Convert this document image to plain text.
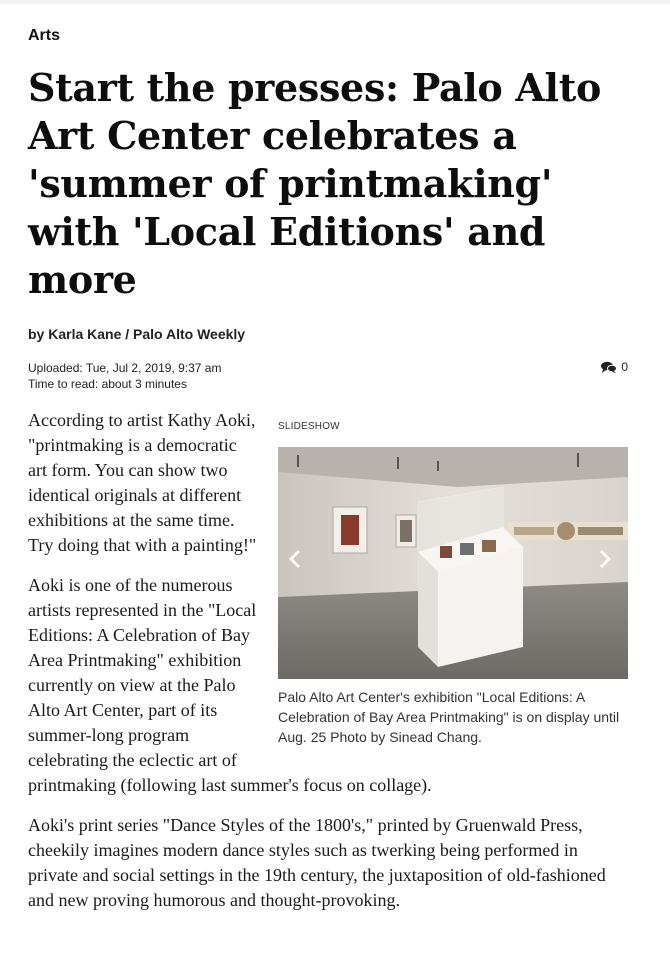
Arts
Start the presses: Palo Alto Art Center celebrates a 'summer of printmaking' with 'Local Editions' and more
by Karla Kane / Palo Alto Weekly
Uploaded: Tue, Jul 2, 2019, 9:37 am
Time to read: about 3 minutes
0
SLIDESHOW
Palo Alto Art Center's exhibition "Local Editions: A Celebration of Bay Area Printmaking" is on display until Aug. 25 Photo by Sinead Chang.

According to artist Kathy Aoki, "printmaking is a democratic art form. You can show two identical originals at different exhibitions at the same time. Try doing that with a painting!"

Aoki is one of the numerous artists represented in the "Local Editions: A Celebration of Bay Area Printmaking" exhibition currently on view at the Palo Alto Art Center, part of its summer-long program celebrating the eclectic art of printmaking (following last summer's focus on collage).

Aoki's print series "Dance Styles of the 1800's," printed by Gruenwald Press, cheekily imagines modern dance styles such as twerking being performed in private and social settings in the 19th century, the juxtaposition of old-fashioned and new proving humorous and thought-provoking.
